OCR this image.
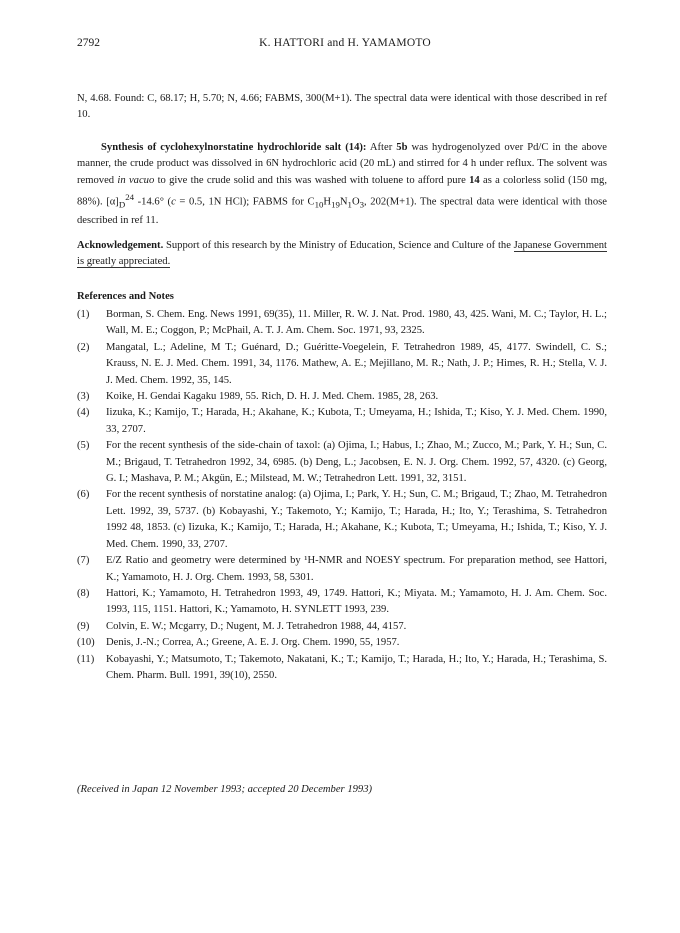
2792	K. HATTORI and H. YAMAMOTO
N, 4.68. Found: C, 68.17; H, 5.70; N, 4.66; FABMS, 300(M+1). The spectral data were identical with those described in ref 10.
Synthesis of cyclohexylnorstatine hydrochloride salt (14): After 5b was hydrogenolyzed over Pd/C in the above manner, the crude product was dissolved in 6N hydrochloric acid (20 mL) and stirred for 4 h under reflux. The solvent was removed in vacuo to give the crude solid and this was washed with toluene to afford pure 14 as a colorless solid (150 mg, 88%). $[\alpha]_D^{24}$ -14.6° (c = 0.5, 1N HCl); FABMS for $C_{10}H_{19}N_1O_3$, 202(M+1). The spectral data were identical with those described in ref 11.
Acknowledgement. Support of this research by the Ministry of Education, Science and Culture of the Japanese Government is greatly appreciated.
References and Notes
(1) Borman, S. Chem. Eng. News 1991, 69(35), 11. Miller, R. W. J. Nat. Prod. 1980, 43, 425. Wani, M. C.; Taylor, H. L.; Wall, M. E.; Coggon, P.; McPhail, A. T. J. Am. Chem. Soc. 1971, 93, 2325.
(2) Mangatal, L.; Adeline, M T.; Guénard, D.; Guéritte-Voegelein, F. Tetrahedron 1989, 45, 4177. Swindell, C. S.; Krauss, N. E. J. Med. Chem. 1991, 34, 1176. Mathew, A. E.; Mejillano, M. R.; Nath, J. P.; Himes, R. H.; Stella, V. J. J. Med. Chem. 1992, 35, 145.
(3) Koike, H. Gendai Kagaku 1989, 55. Rich, D. H. J. Med. Chem. 1985, 28, 263.
(4) Iizuka, K.; Kamijo, T.; Harada, H.; Akahane, K.; Kubota, T.; Umeyama, H.; Ishida, T.; Kiso, Y. J. Med. Chem. 1990, 33, 2707.
(5) For the recent synthesis of the side-chain of taxol: (a) Ojima, I.; Habus, I.; Zhao, M.; Zucco, M.; Park, Y. H.; Sun, C. M.; Brigaud, T. Tetrahedron 1992, 34, 6985. (b) Deng, L.; Jacobsen, E. N. J. Org. Chem. 1992, 57, 4320. (c) Georg, G. I.; Mashava, P. M.; Akgün, E.; Milstead, M. W.; Tetrahedron Lett. 1991, 32, 3151.
(6) For the recent synthesis of norstatine analog: (a) Ojima, I.; Park, Y. H.; Sun, C. M.; Brigaud, T.; Zhao, M. Tetrahedron Lett. 1992, 39, 5737. (b) Kobayashi, Y.; Takemoto, Y.; Kamijo, T.; Harada, H.; Ito, Y.; Terashima, S. Tetrahedron 1992 48, 1853. (c) Iizuka, K.; Kamijo, T.; Harada, H.; Akahane, K.; Kubota, T.; Umeyama, H.; Ishida, T.; Kiso, Y. J. Med. Chem. 1990, 33, 2707.
(7) E/Z Ratio and geometry were determined by ¹H-NMR and NOESY spectrum. For preparation method, see Hattori, K.; Yamamoto, H. J. Org. Chem. 1993, 58, 5301.
(8) Hattori, K.; Yamamoto, H. Tetrahedron 1993, 49, 1749. Hattori, K.; Miyata. M.; Yamamoto, H. J. Am. Chem. Soc. 1993, 115, 1151. Hattori, K.; Yamamoto, H. SYNLETT 1993, 239.
(9) Colvin, E. W.; Mcgarry, D.; Nugent, M. J. Tetrahedron 1988, 44, 4157.
(10) Denis, J.-N.; Correa, A.; Greene, A. E. J. Org. Chem. 1990, 55, 1957.
(11) Kobayashi, Y.; Matsumoto, T.; Takemoto, Nakatani, K.; T.; Kamijo, T.; Harada, H.; Ito, Y.; Harada, H.; Terashima, S. Chem. Pharm. Bull. 1991, 39(10), 2550.
(Received in Japan 12 November 1993; accepted 20 December 1993)
